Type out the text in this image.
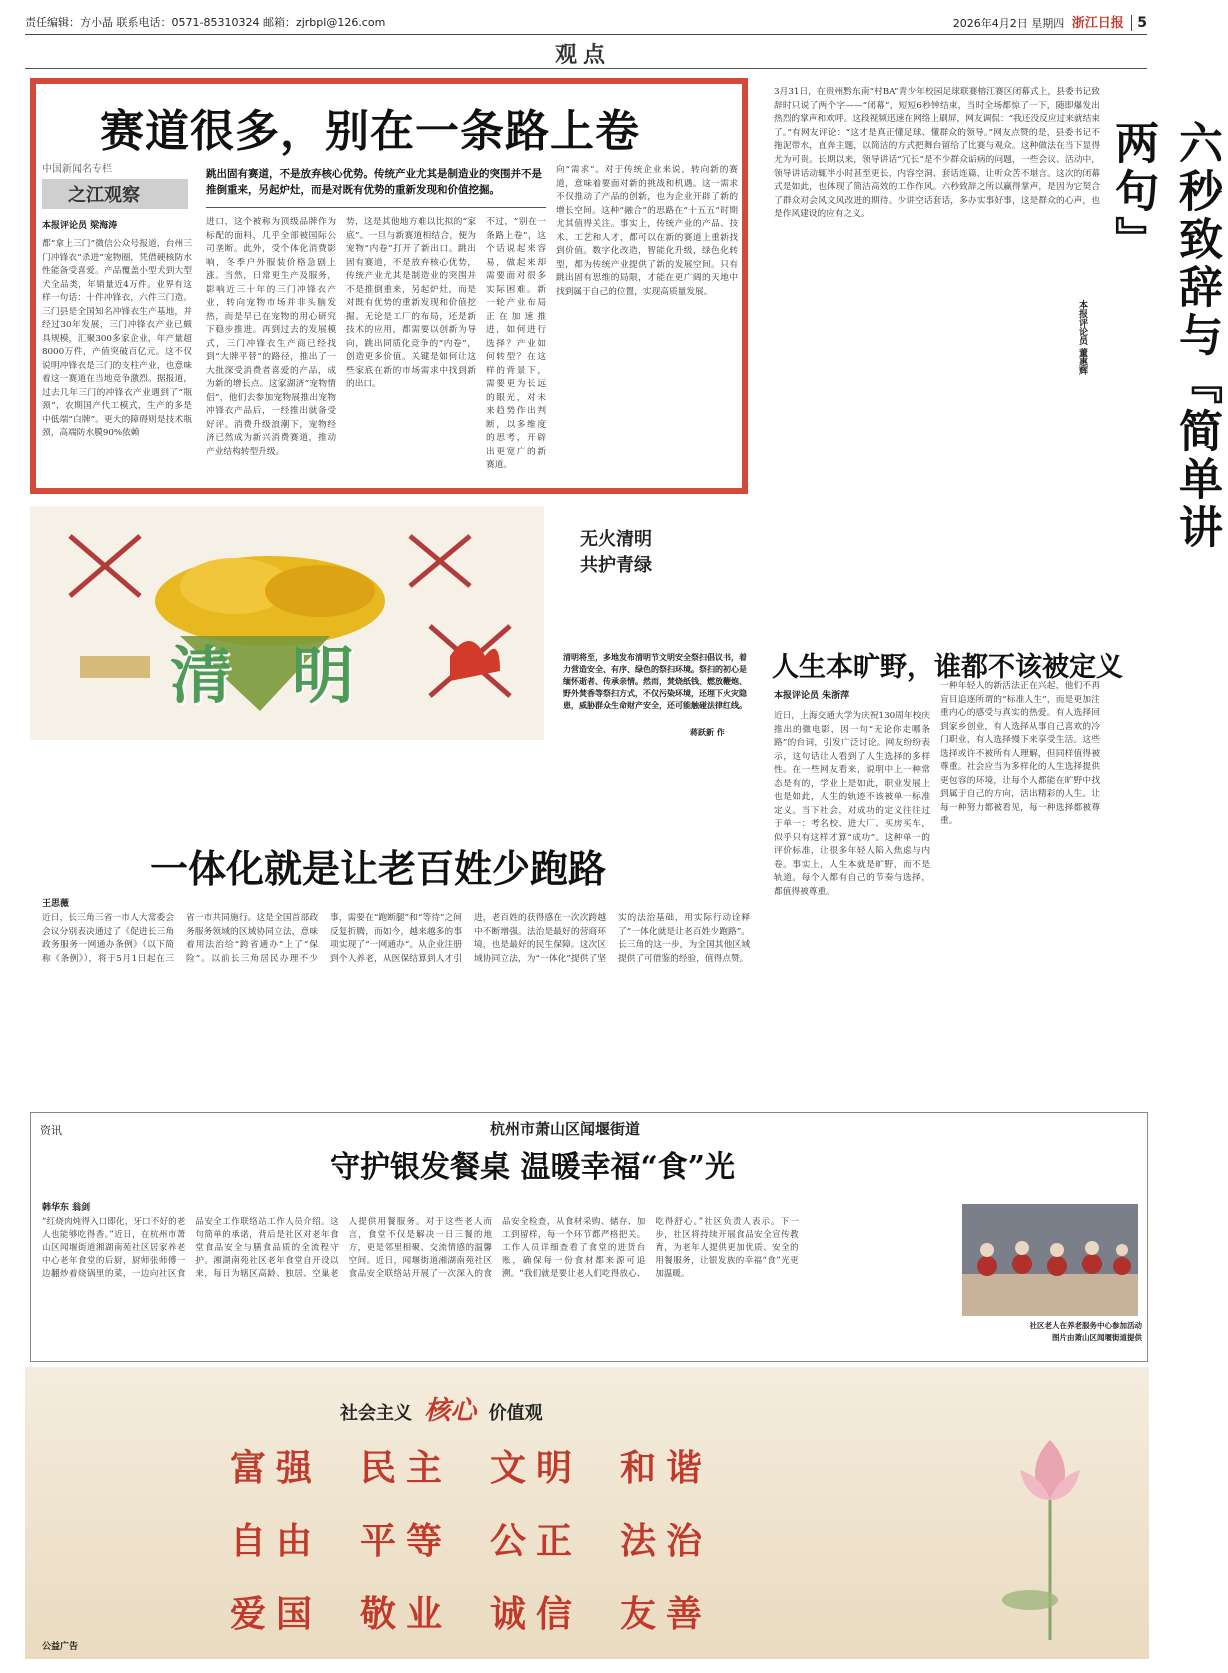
责任编辑：方小晶 联系电话：0571-85310324 邮箱：zjrbpl@126.com	2026年4月2日 星期四 浙江日报 5
观点
赛道很多，别在一条路上卷
中国新闻名专栏
之江观察
本报评论员 梁海涛
跳出固有赛道，不是放弃核心优势。传统产业尤其是制造业的突围并不是推倒重来，另起炉灶，而是对既有优势的重新发现和价值挖掘。
都“拿上三门”微信公众号报道，台州三门冲锋衣“杀进”宠物圈，凭借硬核防水性能备受喜爱。产品覆盖小型犬到大型犬全品类，年销量近4万件。业界有这样一句话：十件冲锋衣，六件三门造。三门县是全国知名冲锋衣生产基地，并经过30年发展，三门冲锋衣产业已颇具规模，汇聚300多家企业，年产量超8000万件，产值突破百亿元。这不仅说明冲锋衣是三门的支柱产业，也意味着这一赛道在当地竞争激烈。据报道，过去几年三门的冲锋衣产业遇到了“瓶颈”，农期国产代工模式，生产的多是中低端“白牌”。更大的障碍则是技术瓶颈，高端防水膜90%依赖
进口，这个被称为顶级品牌作为标配的面料，几乎全部被国际公司垄断。此外，受个体化消费影响，冬季户外服装价格急剧上涨。当然，日常更生产及服务，影响近三十年的三门冲锋衣产业，转向宠物市场并非头脑发热，而是早已在宠物的用心研究下稳步推进。再到过去的发展模式，三门冲锋衣生产商已经找到“大牌平替”的路径，推出了一大批深受消费者喜爱的产品，成为新的增长点。这家湖济“宠物情侣”，他们去参加宠物展推出宠物冲锋衣产品后，一经推出就备受好评。消费升级浪潮下，宠物经济已然成为新兴消费赛道，推动产业结构转型升级。
势，这是其他地方难以比拟的“家底”。一旦与新赛道相结合，便为宠物“内卷”打开了新出口。跳出固有赛道，不是放弃核心优势，传统产业尤其是制造业的突围并不是推倒重来，另起炉灶，而是对既有优势的重新发现和价值挖掘。无论是工厂的布局，还是新技术的应用，都需要以创新为导向，跳出同质化竞争的“内卷”，创造更多价值。关键是如何让这些家底在新的市场需求中找到新的出口。
不过，“别在一条路上卷”，这个话说起来容易，做起来却需要面对很多实际困难。新一轮产业布局正在加速推进，如何进行选择？产业如何转型？在这样的背景下，需要更为长远的眼光，对未来趋势作出判断，以多维度的思考，开辟出更宽广的新赛道。
向“需求”。对于传统企业来说，转向新的赛道，意味着要面对新的挑战和机遇。这一需求不仅推动了产品的创新，也为企业开辟了新的增长空间。这种“融合”的思路在“十五五”时期尤其值得关注。事实上，传统产业的产品、技术、工艺和人才，都可以在新的赛道上重新找到价值。数字化改造，智能化升级，绿色化转型，都为传统产业提供了新的发展空间。只有跳出固有思维的局限，才能在更广阔的天地中找到属于自己的位置，实现高质量发展。
3月31日，在贵州黔东南“村BA”青少年校园足球联赛榕江赛区闭幕式上，县委书记致辞时只说了两个字——“闭幕”，短短6秒钟结束，当时全场都惊了一下，随即爆发出热烈的掌声和欢呼。这段视频迅速在网络上刷屏，网友调侃：“我还没反应过来就结束了。”有网友评论：“这才是真正懂足球、懂群众的领导。”网友点赞的是，县委书记不拖泥带水，直奔主题，以简洁的方式把舞台留给了比赛与观众。这种做法在当下显得尤为可贵。长期以来，领导讲话“冗长”是不少群众诟病的问题，一些会议、活动中，领导讲话动辄半小时甚至更长，内容空洞、套话连篇，让听众苦不堪言。这次的闭幕式是如此，也体现了简洁高效的工作作风。六秒致辞之所以赢得掌声，是因为它契合了群众对会风文风改进的期待。少讲空话套话，多办实事好事，这是群众的心声，也是作风建设的应有之义。	六秒致辞与『简单讲两句』
本报评论员 董惠辉
清明
无火清明
共护青绿
清明将至，多地发布清明节文明安全祭扫倡议书，着力营造安全、有序、绿色的祭扫环境。祭扫的初心是缅怀逝者、传承亲情。然而，焚烧纸钱、燃放鞭炮、野外焚香等祭扫方式，不仅污染环境，还埋下火灾隐患，威胁群众生命财产安全，还可能触碰法律红线。
蒋跃新 作
人生本旷野，谁都不该被定义
本报评论员 朱浙萍
近日，上海交通大学为庆祝130周年校庆推出的微电影，因一句“无论你走哪条路”的台词，引发广泛讨论。网友纷纷表示，这句话让人看到了人生选择的多样性。在一些网友看来，说明中上一种常态是有的，学业上是如此，职业发展上也是如此，人生的轨迹不该被单一标准定义。当下社会，对成功的定义往往过于单一：考名校、进大厂、买房买车，似乎只有这样才算“成功”。这种单一的评价标准，让很多年轻人陷入焦虑与内卷。事实上，人生本就是旷野，而不是轨道。每个人都有自己的节奏与选择，都值得被尊重。
一种年轻人的新活法正在兴起，他们不再盲目追逐所谓的“标准人生”，而是更加注重内心的感受与真实的热爱。有人选择回到家乡创业，有人选择从事自己喜欢的冷门职业，有人选择慢下来享受生活。这些选择或许不被所有人理解，但同样值得被尊重。社会应当为多样化的人生选择提供更包容的环境，让每个人都能在旷野中找到属于自己的方向，活出精彩的人生。让每一种努力都被看见，每一种选择都被尊重。
一体化就是让老百姓少跑路
王思薇
近日，长三角三省一市人大常委会会议分别表决通过了《促进长三角政务服务一网通办条例》（以下简称《条例》），将于5月1日起在三省一市共同施行。这是全国首部政务服务领域的区域协同立法，意味着用法治给“跨省通办”上了“保险”。以前长三角居民办理不少事，需要在“跑断腿”和“等待”之间反复折腾，而如今，越来越多的事项实现了“一网通办”。从企业注册到个人养老，从医保结算到人才引进，老百姓的获得感在一次次跨越中不断增强。法治是最好的营商环境，也是最好的民生保障。这次区域协同立法，为“一体化”提供了坚实的法治基础，用实际行动诠释了“一体化就是让老百姓少跑路”。长三角的这一步，为全国其他区域提供了可借鉴的经验，值得点赞。
资讯	杭州市萧山区闻堰街道
守护银发餐桌 温暖幸福“食”光
韩华东 翁剑
“红烧肉炖得入口即化，牙口不好的老人也能够吃得香。”近日，在杭州市萧山区闻堰街道湘湖南苑社区居家养老中心老年食堂的后厨，厨师张师傅一边翻炒着烧锅里的菜，一边向社区食品安全工作联络站工作人员介绍。这句简单的承诺，背后是社区对老年食堂食品安全与膳食品质的全流程守护。湘湖南苑社区老年食堂自开设以来，每日为辖区高龄、独居、空巢老人提供用餐服务。对于这些老人而言，食堂不仅是解决一日三餐的地方，更是邻里相聚、交流情感的温馨空间。近日，闻堰街道湘湖南苑社区食品安全联络站开展了一次深入的食品安全检查，从食材采购、储存、加工到留样，每一个环节都严格把关。工作人员详细查看了食堂的进货台账，确保每一份食材都来源可追溯。“我们就是要让老人们吃得放心、吃得舒心。”社区负责人表示。下一步，社区将持续开展食品安全宣传教育，为老年人提供更加优质、安全的用餐服务，让银发族的幸福“食”光更加温暖。
社区老人在养老服务中心参加活动
图片由萧山区闻堰街道提供
社会主义 核心 价值观
富强	民主	文明	和谐
自由	平等	公正	法治
爱国	敬业	诚信	友善
公益广告
